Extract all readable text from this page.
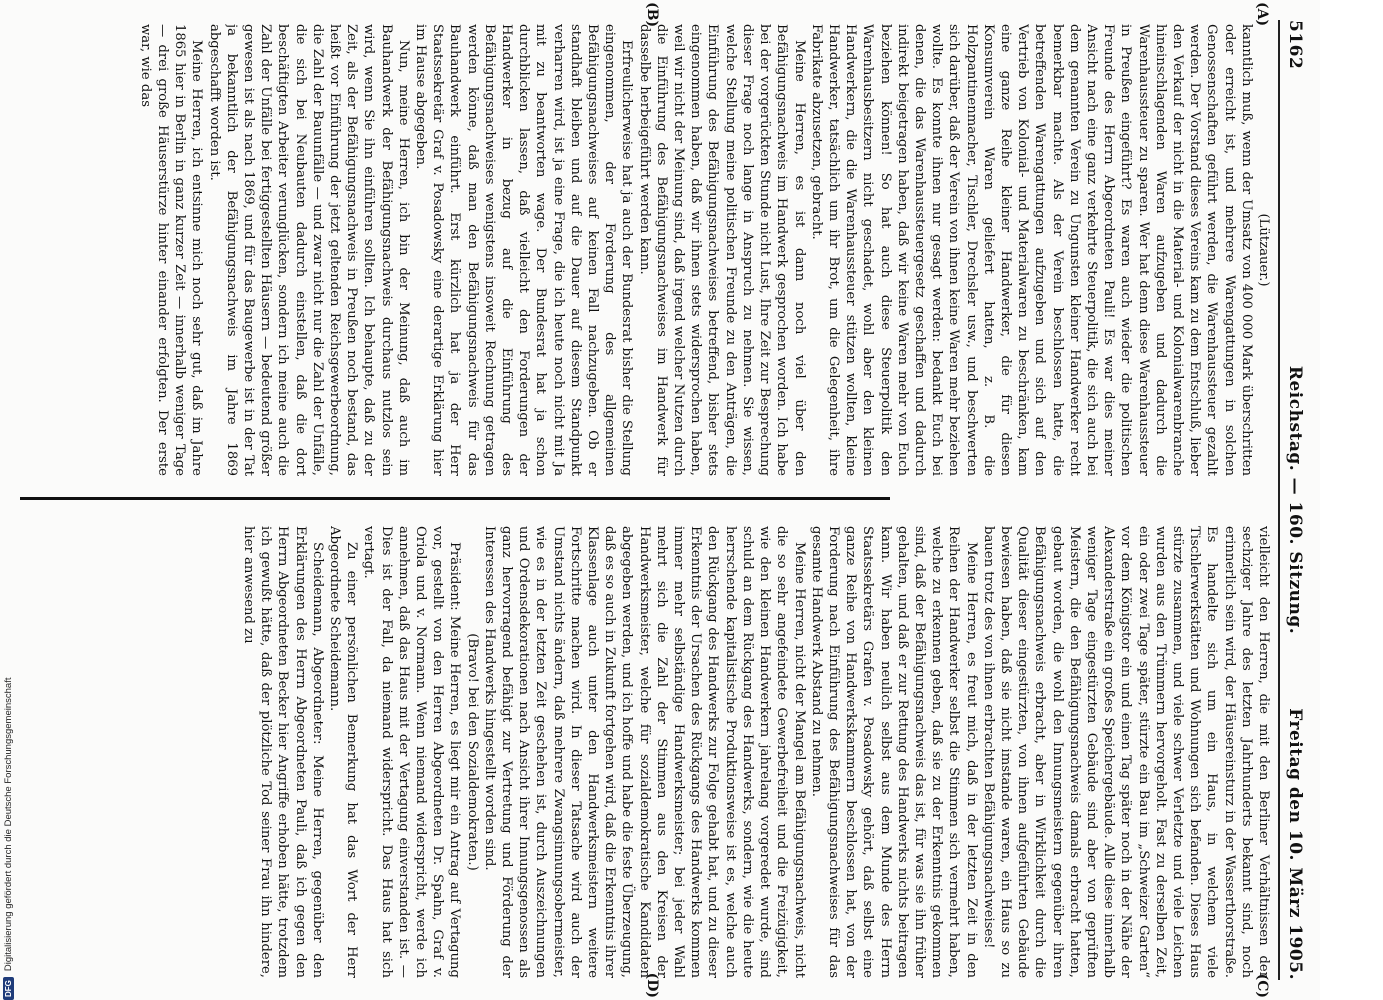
5162
Reichstag. — 160. Sitzung.
Freitag den 10. März 1905.
(A)
(B)
(C)
(D)

(Lützauer.)

kanntlich muß, wenn der Umsatz von 400 000 Mark überschritten oder erreicht ist, und mehrere Warengattungen in solchen Genossenschaften geführt werden, die Warenhaussteuer gezahlt werden. Der Vorstand dieses Vereins kam zu dem Entschluß, lieber den Verkauf der nicht in die Material- und Kolonialwarenbranche hineinschlagenden Waren aufzugeben und dadurch die Warenhaussteuer zu sparen. Wer hat denn diese Warenhaussteuer in Preußen eingeführt? Es waren auch wieder die politischen Freunde des Herrn Abgeordneten Pauli! Es war dies meiner Ansicht nach eine ganz verkehrte Steuerpolitik, die sich auch bei dem genannten Verein zu Ungunsten kleiner Handwerker recht bemerkbar machte. Als der Verein beschlossen hatte, die betreffenden Warengattungen aufzugeben und sich auf den Vertrieb von Kolonial- und Materialwaren zu beschränken, kam eine ganze Reihe kleiner Handwerker, die für diesen Konsumverein Waren geliefert hatten, z. B. die Holzpantinenmacher, Tischler, Drechsler usw., und beschwerten sich darüber, daß der Verein von ihnen keine Waren mehr beziehen wollte. Es konnte ihnen nur gesagt werden: bedankt Euch bei denen, die das Warenhaussteuergesetz geschaffen und dadurch indirekt beigetragen haben, daß wir keine Waren mehr von Euch beziehen können! So hat auch diese Steuerpolitik den Warenhausbesitzern nicht geschadet, wohl aber den kleinen Handwerkern, die die Warenhaussteuer stützen wollten, kleine Handwerker, tatsächlich um ihr Brot, um die Gelegenheit, ihre Fabrikate abzusetzen, gebracht.

Meine Herren, es ist dann noch viel über den Befähigungsnachweis im Handwerk gesprochen worden. Ich habe bei der vorgerückten Stunde nicht Lust, Ihre Zeit zur Besprechung dieser Frage noch lange in Anspruch zu nehmen. Sie wissen, welche Stellung meine politischen Freunde zu den Anträgen, die Einführung des Befähigungsnachweises betreffend, bisher stets eingenommen haben, daß wir ihnen stets widersprochen haben, weil wir nicht der Meinung sind, daß irgend welcher Nutzen durch die Einführung des Befähigungsnachweises im Handwerk für dasselbe herbeigeführt werden kann.

Erfreulicherweise hat ja auch der Bundesrat bisher die Stellung eingenommen, der Forderung des allgemeinen Befähigungsnachweises auf keinen Fall nachzugeben. Ob er standhaft bleiben und auf die Dauer auf diesem Standpunkt verharren wird, ist ja eine Frage, die ich heute noch nicht mit Ja mit zu beantworten wage. Der Bundesrat hat ja schon durchblicken lassen, daß vielleicht den Forderungen der Handwerker in bezug auf die Einführung des Befähigungsnachweises wenigstens insoweit Rechnung getragen werden könne, daß man den Befähigungsnachweis für das Bauhandwerk einführt. Erst kürzlich hat ja der Herr Staatssekretär Graf v. Posadowsky eine derartige Erklärung hier im Hause abgegeben.

Nun, meine Herren, ich bin der Meinung, daß auch im Bauhandwerk der Befähigungsnachweis durchaus nutzlos sein wird, wenn Sie ihn einführen sollten. Ich behaupte, daß zu der Zeit, als der Befähigungsnachweis in Preußen noch bestand, das heißt vor Einführung der jetzt geltenden Reichsgewerbeordnung, die Zahl der Bauunfälle — und zwar nicht nur die Zahl der Unfälle, die sich bei Neubauten dadurch einstellen, daß die dort beschäftigten Arbeiter verunglücken, sondern ich meine auch die Zahl der Unfälle bei fertiggestellten Häusern — bedeutend größer gewesen ist als nach 1869, und für das Baugewerbe ist in der Tat ja bekanntlich der Befähigungsnachweis im Jahre 1869 abgeschafft worden ist.

Meine Herren, ich entsinne mich noch sehr gut, daß im Jahre 1865 hier in Berlin in ganz kurzer Zeit — innerhalb weniger Tage — drei große Häuserstürze hinter einander erfolgten. Der erste war, wie das

vielleicht den Herren, die mit den Berliner Verhältnissen der sechziger Jahre des letzten Jahrhunderts bekannt sind, noch erinnerlich sein wird, der Häusereinsturz in der Wasserthorstraße. Es handelte sich um ein Haus, in welchem viele Tischlerwerkstätten und Wohnungen sich befanden. Dieses Haus stürzte zusammen, und viele schwer Verletzte und viele Leichen wurden aus den Trümmern hervorgeholt. Fast zu derselben Zeit, ein oder zwei Tage später, stürzte ein Bau im „Schweizer Garten“ vor dem Königstor ein und einen Tag später noch in der Nähe der Alexanderstraße ein großes Speichergebäude. Alle diese innerhalb weniger Tage eingestürzten Gebäude sind aber von geprüften Meistern, die den Befähigungsnachweis damals erbracht hatten, gebaut worden, die wohl den Innungsmeistern gegenüber ihren Befähigungsnachweis erbracht, aber in Wirklichkeit durch die Qualität dieser eingestürzten, von ihnen aufgeführten Gebäude bewiesen haben, daß sie nicht imstande waren, ein Haus so zu bauen trotz des von ihnen erbrachten Befähigungsnachweises!

Meine Herren, es freut mich, daß in der letzten Zeit in den Reihen der Handwerker selbst die Stimmen sich vermehrt haben, welche zu erkennen geben, daß sie zu der Erkenntnis gekommen sind, daß der Befähigungsnachweis das ist, für was sie ihn früher gehalten, und daß er zur Rettung des Handwerks nichts beitragen kann. Wir haben neulich selbst aus dem Munde des Herrn Staatssekretärs Grafen v. Posadowsky gehört, daß selbst eine ganze Reihe von Handwerkskammern beschlossen hat, von der Forderung nach Einführung des Befähigungsnachweises für das gesamte Handwerk Abstand zu nehmen.

Meine Herren, nicht der Mangel am Befähigungsnachweis, nicht die so sehr angefeindete Gewerbefreiheit und die Freizügigkeit, wie den kleinen Handwerkern jahrelang vorgeredet wurde, sind schuld an dem Rückgang des Handwerks, sondern, wie die heute herrschende kapitalistische Produktionsweise ist es, welche auch den Rückgang des Handwerks zur Folge gehabt hat, und zu dieser Erkenntnis der Ursachen des Rückgangs des Handwerks kommen immer mehr selbständige Handwerksmeister; bei jeder Wahl mehrt sich die Zahl der Stimmen aus den Kreisen der Handwerksmeister, welche für sozialdemokratische Kandidaten abgegeben werden, und ich hoffe und habe die feste Überzeugung, daß es so auch in Zukunft fortgehen wird, daß die Erkenntnis ihrer Klassenlage auch unter den Handwerksmeistern weitere Fortschritte machen wird. In dieser Tatsache wird auch der Umstand nichts ändern, daß mehrere Zwangsinnungsobermeister, wie es in der letzten Zeit geschehen ist, durch Auszeichnungen und Ordensdekorationen nach Ansicht ihrer Innungsgenossen als ganz hervorragend befähigt zur Vertretung und Förderung der Interessen des Handwerks hingestellt worden sind.

(Bravo! bei den Sozialdemokraten.)

Präsident: Meine Herren, es liegt mir ein Antrag auf Vertagung vor, gestellt von den Herren Abgeordneten Dr. Spahn, Graf v. Oriola und v. Normann. Wenn niemand widerspricht, werde ich annehmen, daß das Haus mit der Vertagung einverstanden ist. — Dies ist der Fall, da niemand widerspricht. Das Haus hat sich vertagt.

Zu einer persönlichen Bemerkung hat das Wort der Herr Abgeordnete Scheidemann.

Scheidemann, Abgeordneter: Meine Herren, gegenüber den Erklärungen des Herrn Abgeordneten Pauli, daß ich gegen den Herrn Abgeordneten Becker hier Angriffe erhoben hätte, trotzdem ich gewußt hätte, daß der plötzliche Tod seiner Frau ihn hindere, hier anwesend zu

DFG
Digitalisierung gefördert durch die Deutsche Forschungsgemeinschaft
